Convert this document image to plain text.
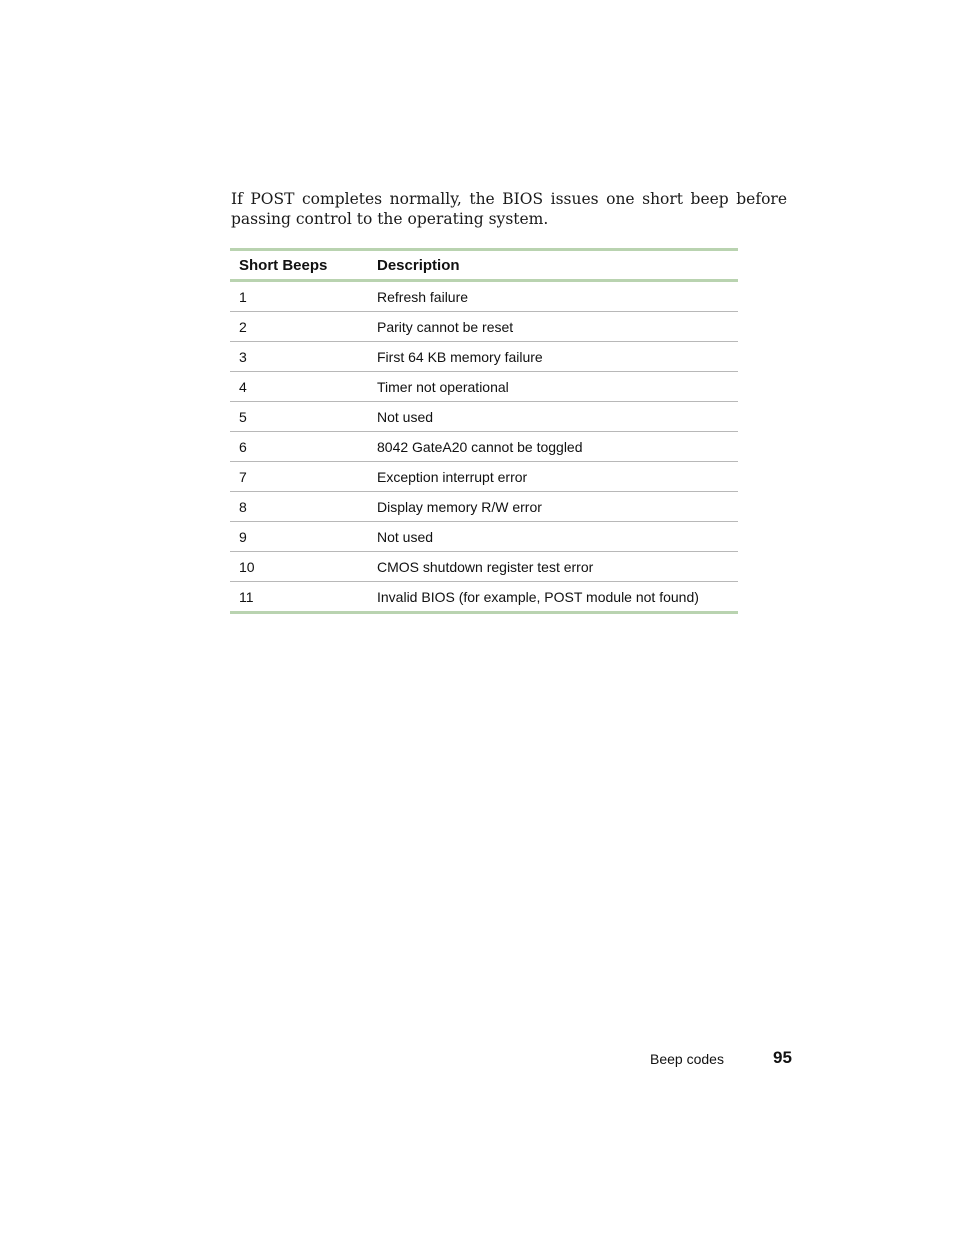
If POST completes normally, the BIOS issues one short beep before passing control to the operating system.

Short Beeps	Description
1	Refresh failure
2	Parity cannot be reset
3	First 64 KB memory failure
4	Timer not operational
5	Not used
6	8042 GateA20 cannot be toggled
7	Exception interrupt error
8	Display memory R/W error
9	Not used
10	CMOS shutdown register test error
11	Invalid BIOS (for example, POST module not found)
Beep codes	95
